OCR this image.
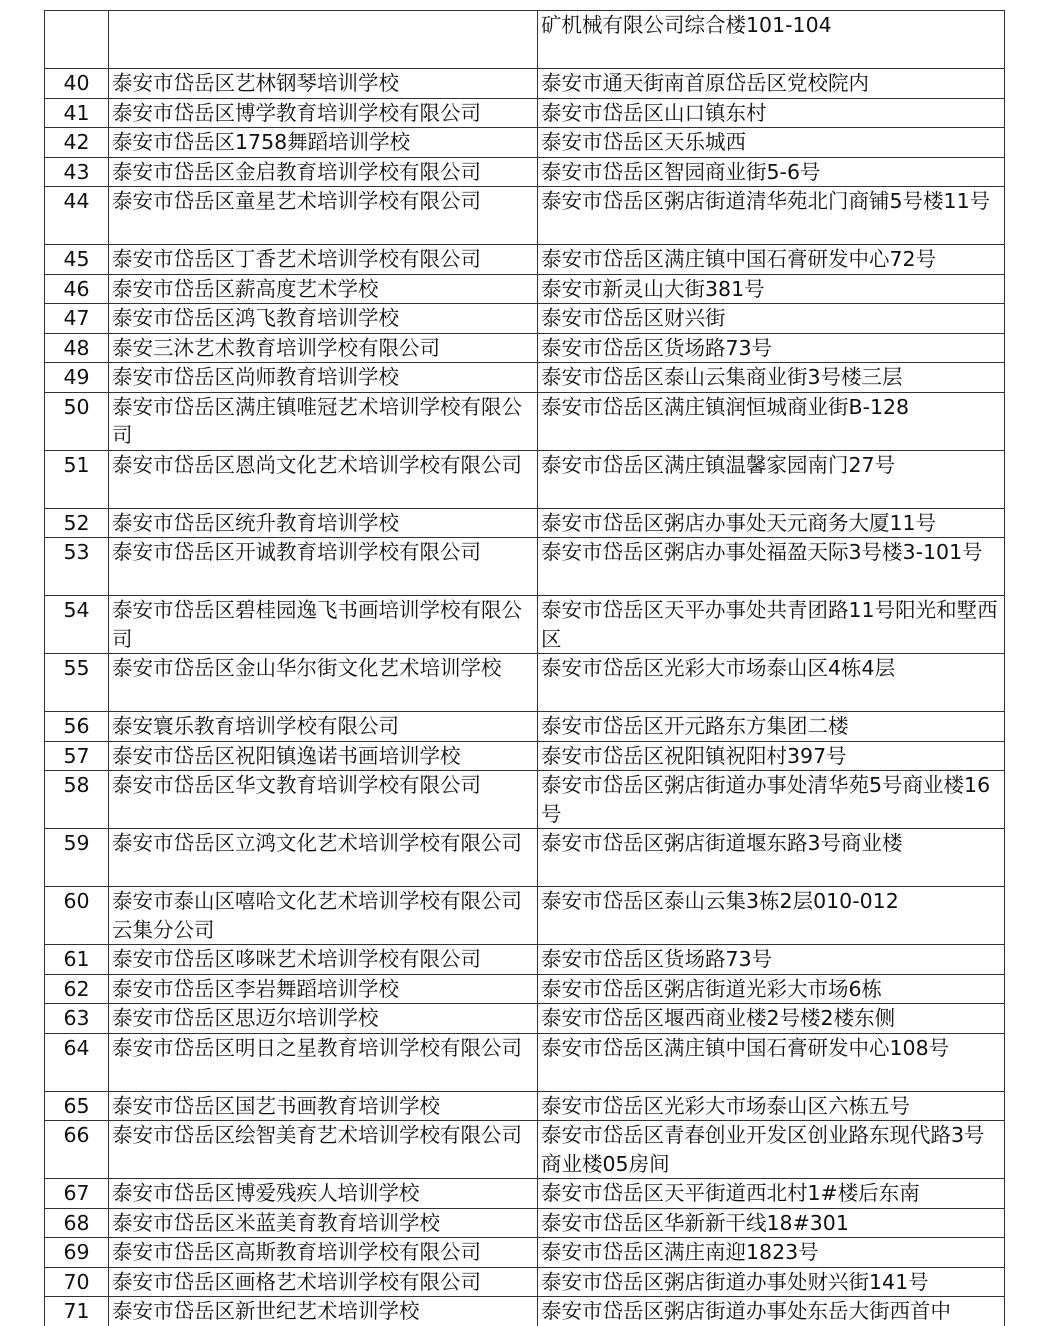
		矿机械有限公司综合楼101-104
40	泰安市岱岳区艺林钢琴培训学校	泰安市通天街南首原岱岳区党校院内
41	泰安市岱岳区博学教育培训学校有限公司	泰安市岱岳区山口镇东村
42	泰安市岱岳区1758舞蹈培训学校	泰安市岱岳区天乐城西
43	泰安市岱岳区金启教育培训学校有限公司	泰安市岱岳区智园商业街5-6号
44	泰安市岱岳区童星艺术培训学校有限公司	泰安市岱岳区粥店街道清华苑北门商铺5号楼11号
45	泰安市岱岳区丁香艺术培训学校有限公司	泰安市岱岳区满庄镇中国石膏研发中心72号
46	泰安市岱岳区薪高度艺术学校	泰安市新灵山大街381号
47	泰安市岱岳区鸿飞教育培训学校	泰安市岱岳区财兴街
48	泰安三沐艺术教育培训学校有限公司	泰安市岱岳区货场路73号
49	泰安市岱岳区尚师教育培训学校	泰安市岱岳区泰山云集商业街3号楼三层
50	泰安市岱岳区满庄镇唯冠艺术培训学校有限公司	泰安市岱岳区满庄镇润恒城商业街B-128
51	泰安市岱岳区恩尚文化艺术培训学校有限公司	泰安市岱岳区满庄镇温馨家园南门27号
52	泰安市岱岳区统升教育培训学校	泰安市岱岳区粥店办事处天元商务大厦11号
53	泰安市岱岳区开诚教育培训学校有限公司	泰安市岱岳区粥店办事处福盈天际3号楼3-101号
54	泰安市岱岳区碧桂园逸飞书画培训学校有限公司	泰安市岱岳区天平办事处共青团路11号阳光和墅西区
55	泰安市岱岳区金山华尔街文化艺术培训学校	泰安市岱岳区光彩大市场泰山区4栋4层
56	泰安寰乐教育培训学校有限公司	泰安市岱岳区开元路东方集团二楼
57	泰安市岱岳区祝阳镇逸诺书画培训学校	泰安市岱岳区祝阳镇祝阳村397号
58	泰安市岱岳区华文教育培训学校有限公司	泰安市岱岳区粥店街道办事处清华苑5号商业楼16号
59	泰安市岱岳区立鸿文化艺术培训学校有限公司	泰安市岱岳区粥店街道堰东路3号商业楼
60	泰安市泰山区嘻哈文化艺术培训学校有限公司云集分公司	泰安市岱岳区泰山云集3栋2层010-012
61	泰安市岱岳区哆咪艺术培训学校有限公司	泰安市岱岳区货场路73号
62	泰安市岱岳区李岩舞蹈培训学校	泰安市岱岳区粥店街道光彩大市场6栋
63	泰安市岱岳区思迈尔培训学校	泰安市岱岳区堰西商业楼2号楼2楼东侧
64	泰安市岱岳区明日之星教育培训学校有限公司	泰安市岱岳区满庄镇中国石膏研发中心108号
65	泰安市岱岳区国艺书画教育培训学校	泰安市岱岳区光彩大市场泰山区六栋五号
66	泰安市岱岳区绘智美育艺术培训学校有限公司	泰安市岱岳区青春创业开发区创业路东现代路3号商业楼05房间
67	泰安市岱岳区博爱残疾人培训学校	泰安市岱岳区天平街道西北村1#楼后东南
68	泰安市岱岳区米蓝美育教育培训学校	泰安市岱岳区华新新干线18#301
69	泰安市岱岳区高斯教育培训学校有限公司	泰安市岱岳区满庄南迎1823号
70	泰安市岱岳区画格艺术培训学校有限公司	泰安市岱岳区粥店街道办事处财兴街141号
71	泰安市岱岳区新世纪艺术培训学校	泰安市岱岳区粥店街道办事处东岳大街西首中
